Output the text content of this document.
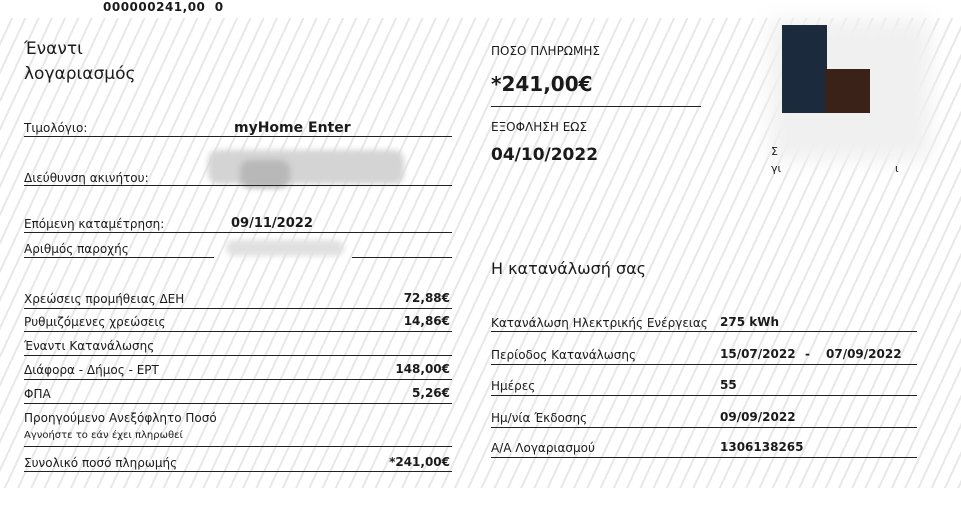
000000241,00 0
Έναντι
λογαριασμός
Τιμολόγιο:	myHome Enter
Διεύθυνση ακινήτου:
Επόμενη καταμέτρηση:	09/11/2022
Αριθμός παροχής
Χρεώσεις προμήθειας ΔΕΗ	72,88€
Ρυθμιζόμενες χρεώσεις	14,86€
Έναντι Κατανάλωσης
Διάφορα - Δήμος - ΕΡΤ	148,00€
ΦΠΑ	5,26€
Προηγούμενο Ανεξόφλητο Ποσό
Αγνοήστε το εάν έχει πληρωθεί
Συνολικό ποσό πληρωμής	*241,00€
ΠΟΣΟ ΠΛΗΡΩΜΗΣ
*241,00€
ΕΞΟΦΛΗΣΗ ΕΩΣ
04/10/2022	Σ
γι	ι
Η κατανάλωσή σας
Κατανάλωση Ηλεκτρικής Ενέργειας 275 kWh
Περίοδος Κατανάλωσης	15/07/2022 - 07/09/2022
Ημέρες	55
Ημ/νία Έκδοσης	09/09/2022
Α/Α Λογαριασμού	1306138265
